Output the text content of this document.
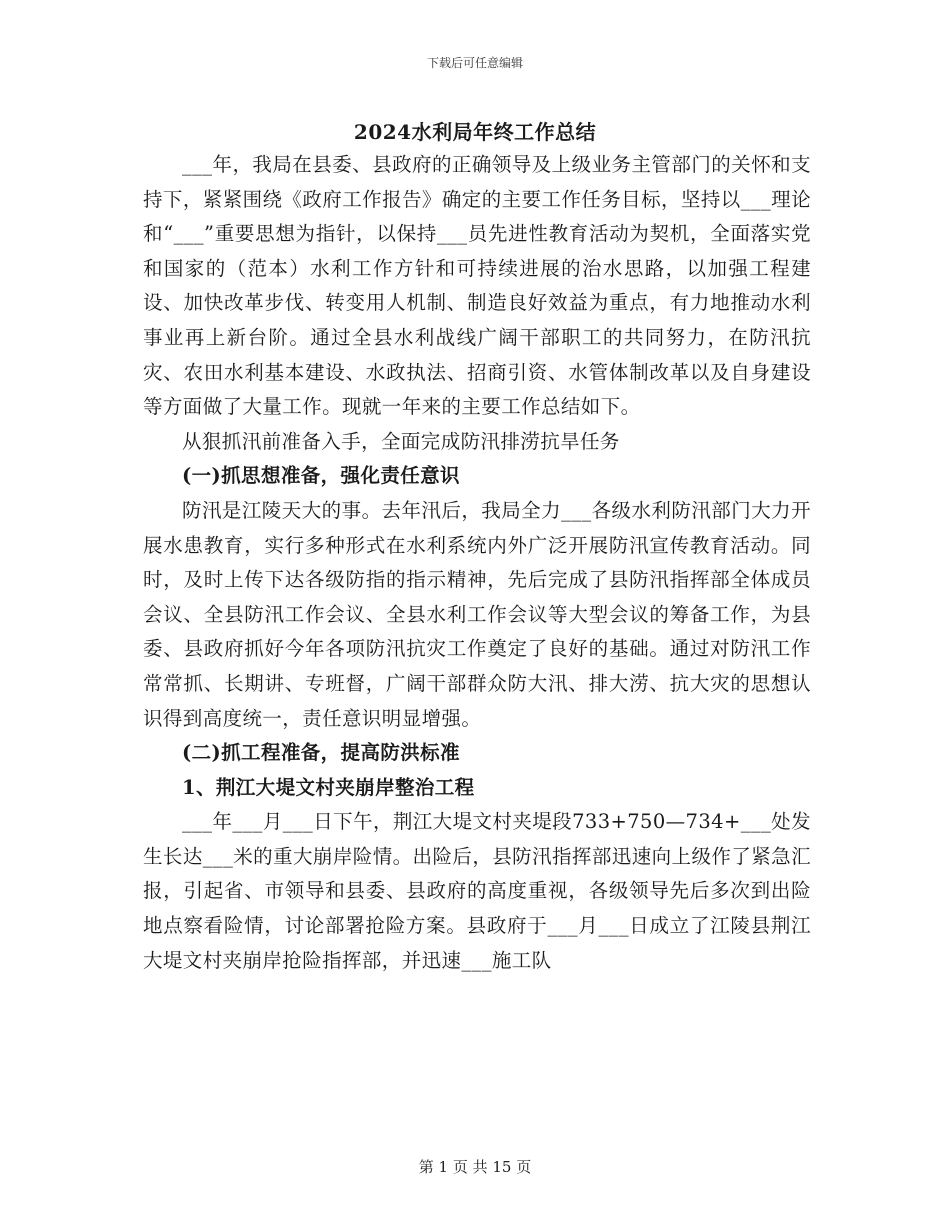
下载后可任意编辑
2024水利局年终工作总结

___年，我局在县委、县政府的正确领导及上级业务主管部门的关怀和支持下，紧紧围绕《政府工作报告》确定的主要工作任务目标，坚持以___理论和“___”重要思想为指针，以保持___员先进性教育活动为契机，全面落实党和国家的（范本）水利工作方针和可持续进展的治水思路，以加强工程建设、加快改革步伐、转变用人机制、制造良好效益为重点，有力地推动水利事业再上新台阶。通过全县水利战线广阔干部职工的共同努力，在防汛抗灾、农田水利基本建设、水政执法、招商引资、水管体制改革以及自身建设等方面做了大量工作。现就一年来的主要工作总结如下。

从狠抓汛前准备入手，全面完成防汛排涝抗旱任务

(一)抓思想准备，强化责任意识

防汛是江陵天大的事。去年汛后，我局全力___各级水利防汛部门大力开展水患教育，实行多种形式在水利系统内外广泛开展防汛宣传教育活动。同时，及时上传下达各级防指的指示精神，先后完成了县防汛指挥部全体成员会议、全县防汛工作会议、全县水利工作会议等大型会议的筹备工作，为县委、县政府抓好今年各项防汛抗灾工作奠定了良好的基础。通过对防汛工作常常抓、长期讲、专班督，广阔干部群众防大汛、排大涝、抗大灾的思想认识得到高度统一，责任意识明显增强。

(二)抓工程准备，提高防洪标准

1、荆江大堤文村夹崩岸整治工程

___年___月___日下午，荆江大堤文村夹堤段733+750—734+___处发生长达___米的重大崩岸险情。出险后，县防汛指挥部迅速向上级作了紧急汇报，引起省、市领导和县委、县政府的高度重视，各级领导先后多次到出险地点察看险情，讨论部署抢险方案。县政府于___月___日成立了江陵县荆江大堤文村夹崩岸抢险指挥部，并迅速___施工队

第 1 页 共 15 页
